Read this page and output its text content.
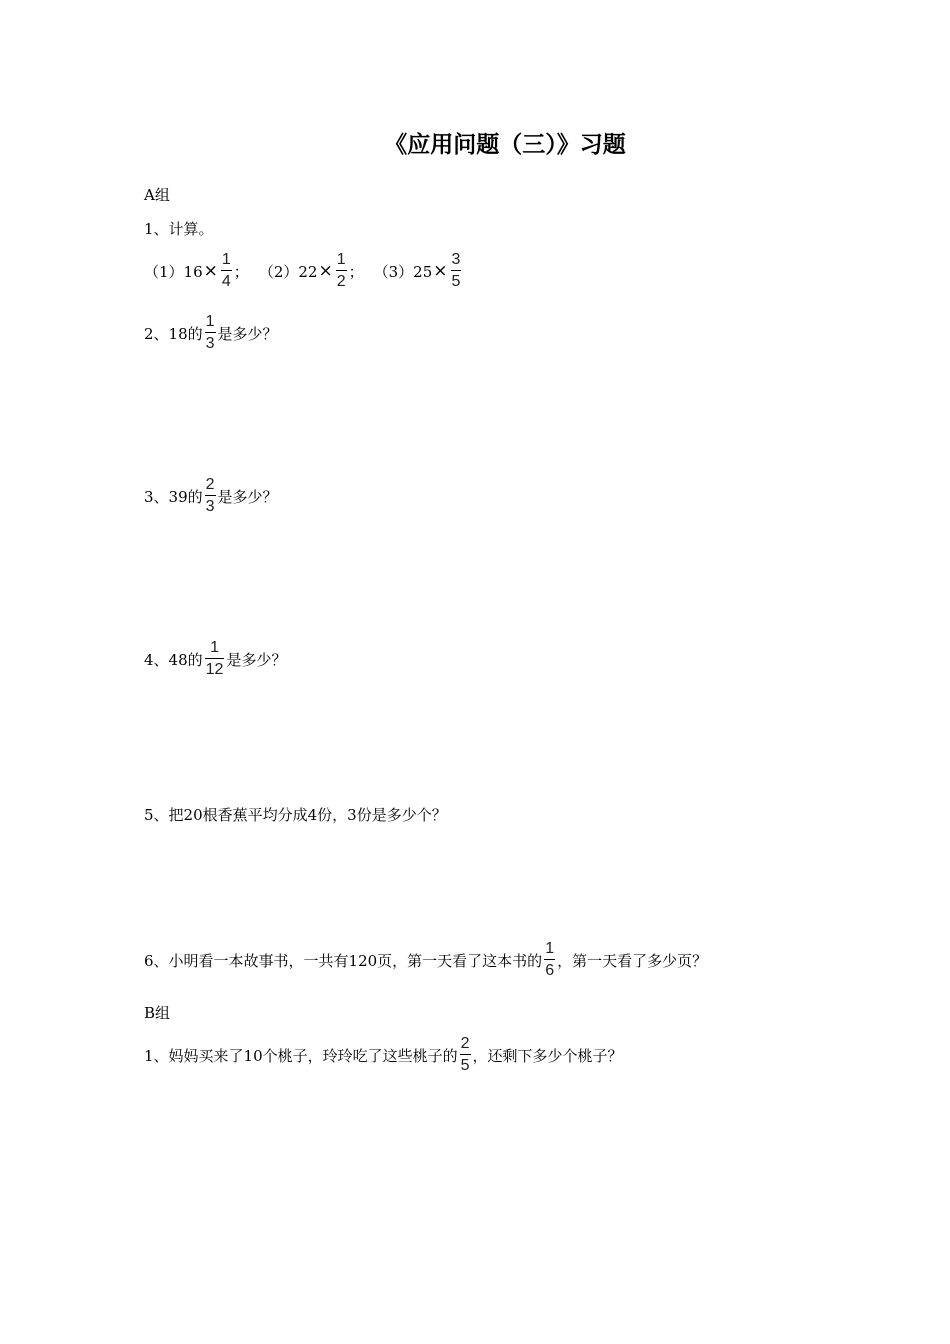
《应用问题（三）》习题
A组
1、计算。
$(1)16 \times \frac{1}{4}$ ； $(2)22 \times \frac{1}{2}$ ； $(3)25 \times \frac{3}{5}$
2、18的 $\frac{1}{3}$ 是多少？
3、39的 $\frac{2}{3}$ 是多少？
4、48的 $\frac{1}{12}$ 是多少？
5、把20根香蕉平均分成4份，3份是多少个？
6、小明看一本故事书，一共有120页，第一天看了这本书的 $\frac{1}{6}$ ，第一天看了多少页？
B组
1、妈妈买来了10个桃子，玲玲吃了这些桃子的 $\frac{2}{5}$ ，还剩下多少个桃子？
